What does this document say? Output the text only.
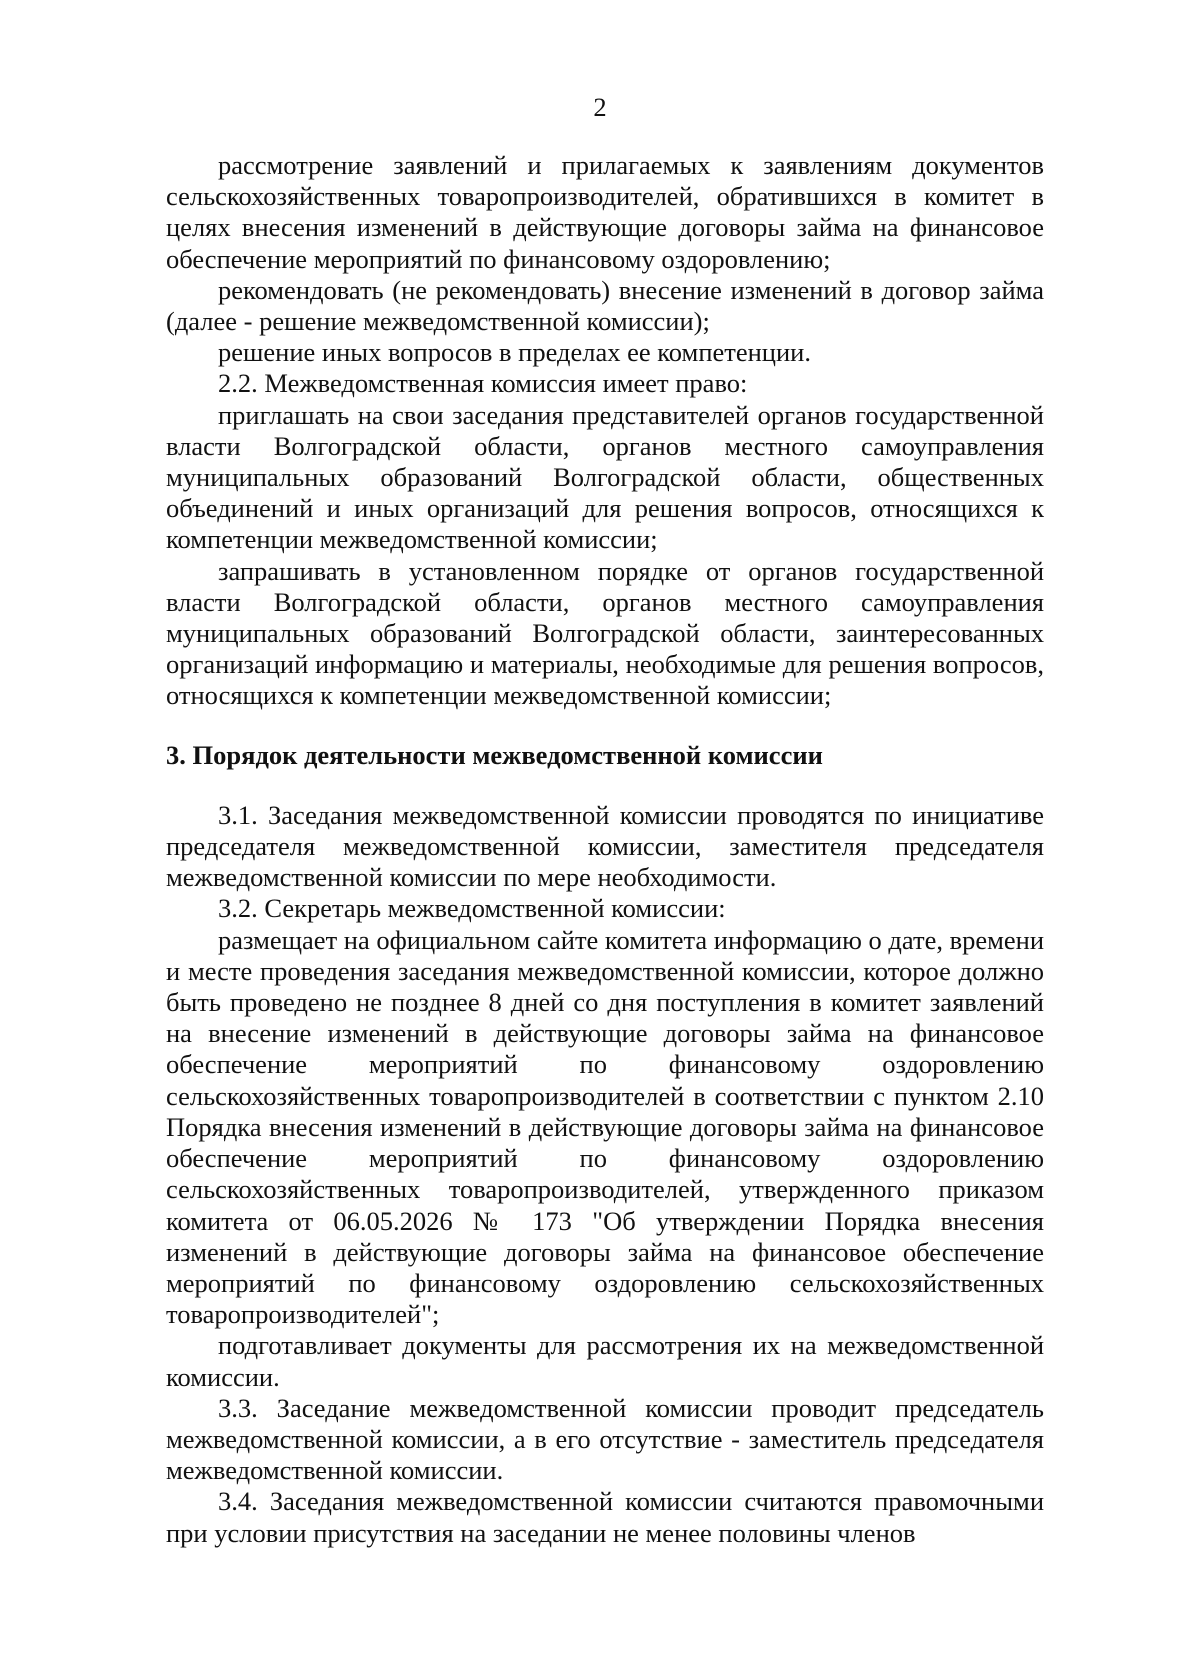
2

рассмотрение заявлений и прилагаемых к заявлениям документов сельскохозяйственных товаропроизводителей, обратившихся в комитет в целях внесения изменений в действующие договоры займа на финансовое обеспечение мероприятий по финансовому оздоровлению;

рекомендовать (не рекомендовать) внесение изменений в договор займа (далее - решение межведомственной комиссии);

решение иных вопросов в пределах ее компетенции.

2.2. Межведомственная комиссия имеет право:

приглашать на свои заседания представителей органов государственной власти Волгоградской области, органов местного самоуправления муниципальных образований Волгоградской области, общественных объединений и иных организаций для решения вопросов, относящихся к компетенции межведомственной комиссии;

запрашивать в установленном порядке от органов государственной власти Волгоградской области, органов местного самоуправления муниципальных образований Волгоградской области, заинтересованных организаций информацию и материалы, необходимые для решения вопросов, относящихся к компетенции межведомственной комиссии;

3. Порядок деятельности межведомственной комиссии

3.1. Заседания межведомственной комиссии проводятся по инициативе председателя межведомственной комиссии, заместителя председателя межведомственной комиссии по мере необходимости.

3.2. Секретарь межведомственной комиссии:

размещает на официальном сайте комитета информацию о дате, времени и месте проведения заседания межведомственной комиссии, которое должно быть проведено не позднее 8 дней со дня поступления в комитет заявлений на внесение изменений в действующие договоры займа на финансовое обеспечение мероприятий по финансовому оздоровлению сельскохозяйственных товаропроизводителей в соответствии с пунктом 2.10 Порядка внесения изменений в действующие договоры займа на финансовое обеспечение мероприятий по финансовому оздоровлению сельскохозяйственных товаропроизводителей, утвержденного приказом комитета от 06.05.2026 № 173 "Об утверждении Порядка внесения изменений в действующие договоры займа на финансовое обеспечение мероприятий по финансовому оздоровлению сельскохозяйственных товаропроизводителей";

подготавливает документы для рассмотрения их на межведомственной комиссии.

3.3. Заседание межведомственной комиссии проводит председатель межведомственной комиссии, а в его отсутствие - заместитель председателя межведомственной комиссии.

3.4. Заседания межведомственной комиссии считаются правомочными при условии присутствия на заседании не менее половины членов
